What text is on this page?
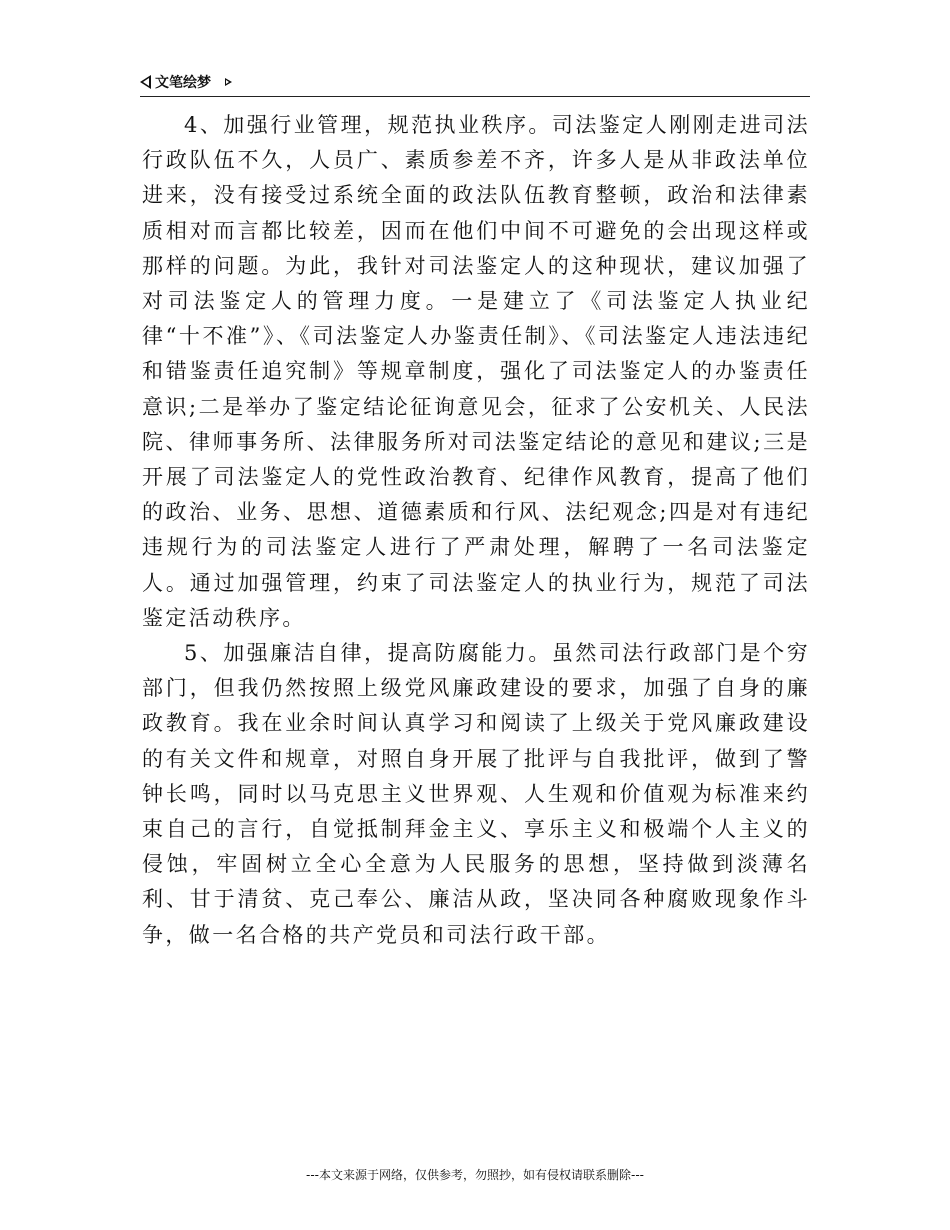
文笔绘梦

4、加强行业管理，规范执业秩序。司法鉴定人刚刚走进司法行政队伍不久，人员广、素质参差不齐，许多人是从非政法单位进来，没有接受过系统全面的政法队伍教育整顿，政治和法律素质相对而言都比较差，因而在他们中间不可避免的会出现这样或那样的问题。为此，我针对司法鉴定人的这种现状，建议加强了对司法鉴定人的管理力度。一是建立了《司法鉴定人执业纪律“十不准”》、《司法鉴定人办鉴责任制》、《司法鉴定人违法违纪和错鉴责任追究制》等规章制度，强化了司法鉴定人的办鉴责任意识;二是举办了鉴定结论征询意见会，征求了公安机关、人民法院、律师事务所、法律服务所对司法鉴定结论的意见和建议;三是开展了司法鉴定人的党性政治教育、纪律作风教育，提高了他们的政治、业务、思想、道德素质和行风、法纪观念;四是对有违纪违规行为的司法鉴定人进行了严肃处理，解聘了一名司法鉴定人。通过加强管理，约束了司法鉴定人的执业行为，规范了司法鉴定活动秩序。

5、加强廉洁自律，提高防腐能力。虽然司法行政部门是个穷部门，但我仍然按照上级党风廉政建设的要求，加强了自身的廉政教育。我在业余时间认真学习和阅读了上级关于党风廉政建设的有关文件和规章，对照自身开展了批评与自我批评，做到了警钟长鸣，同时以马克思主义世界观、人生观和价值观为标准来约束自己的言行，自觉抵制拜金主义、享乐主义和极端个人主义的侵蚀，牢固树立全心全意为人民服务的思想，坚持做到淡薄名利、甘于清贫、克己奉公、廉洁从政，坚决同各种腐败现象作斗争，做一名合格的共产党员和司法行政干部。

---本文来源于网络，仅供参考，勿照抄，如有侵权请联系删除---
